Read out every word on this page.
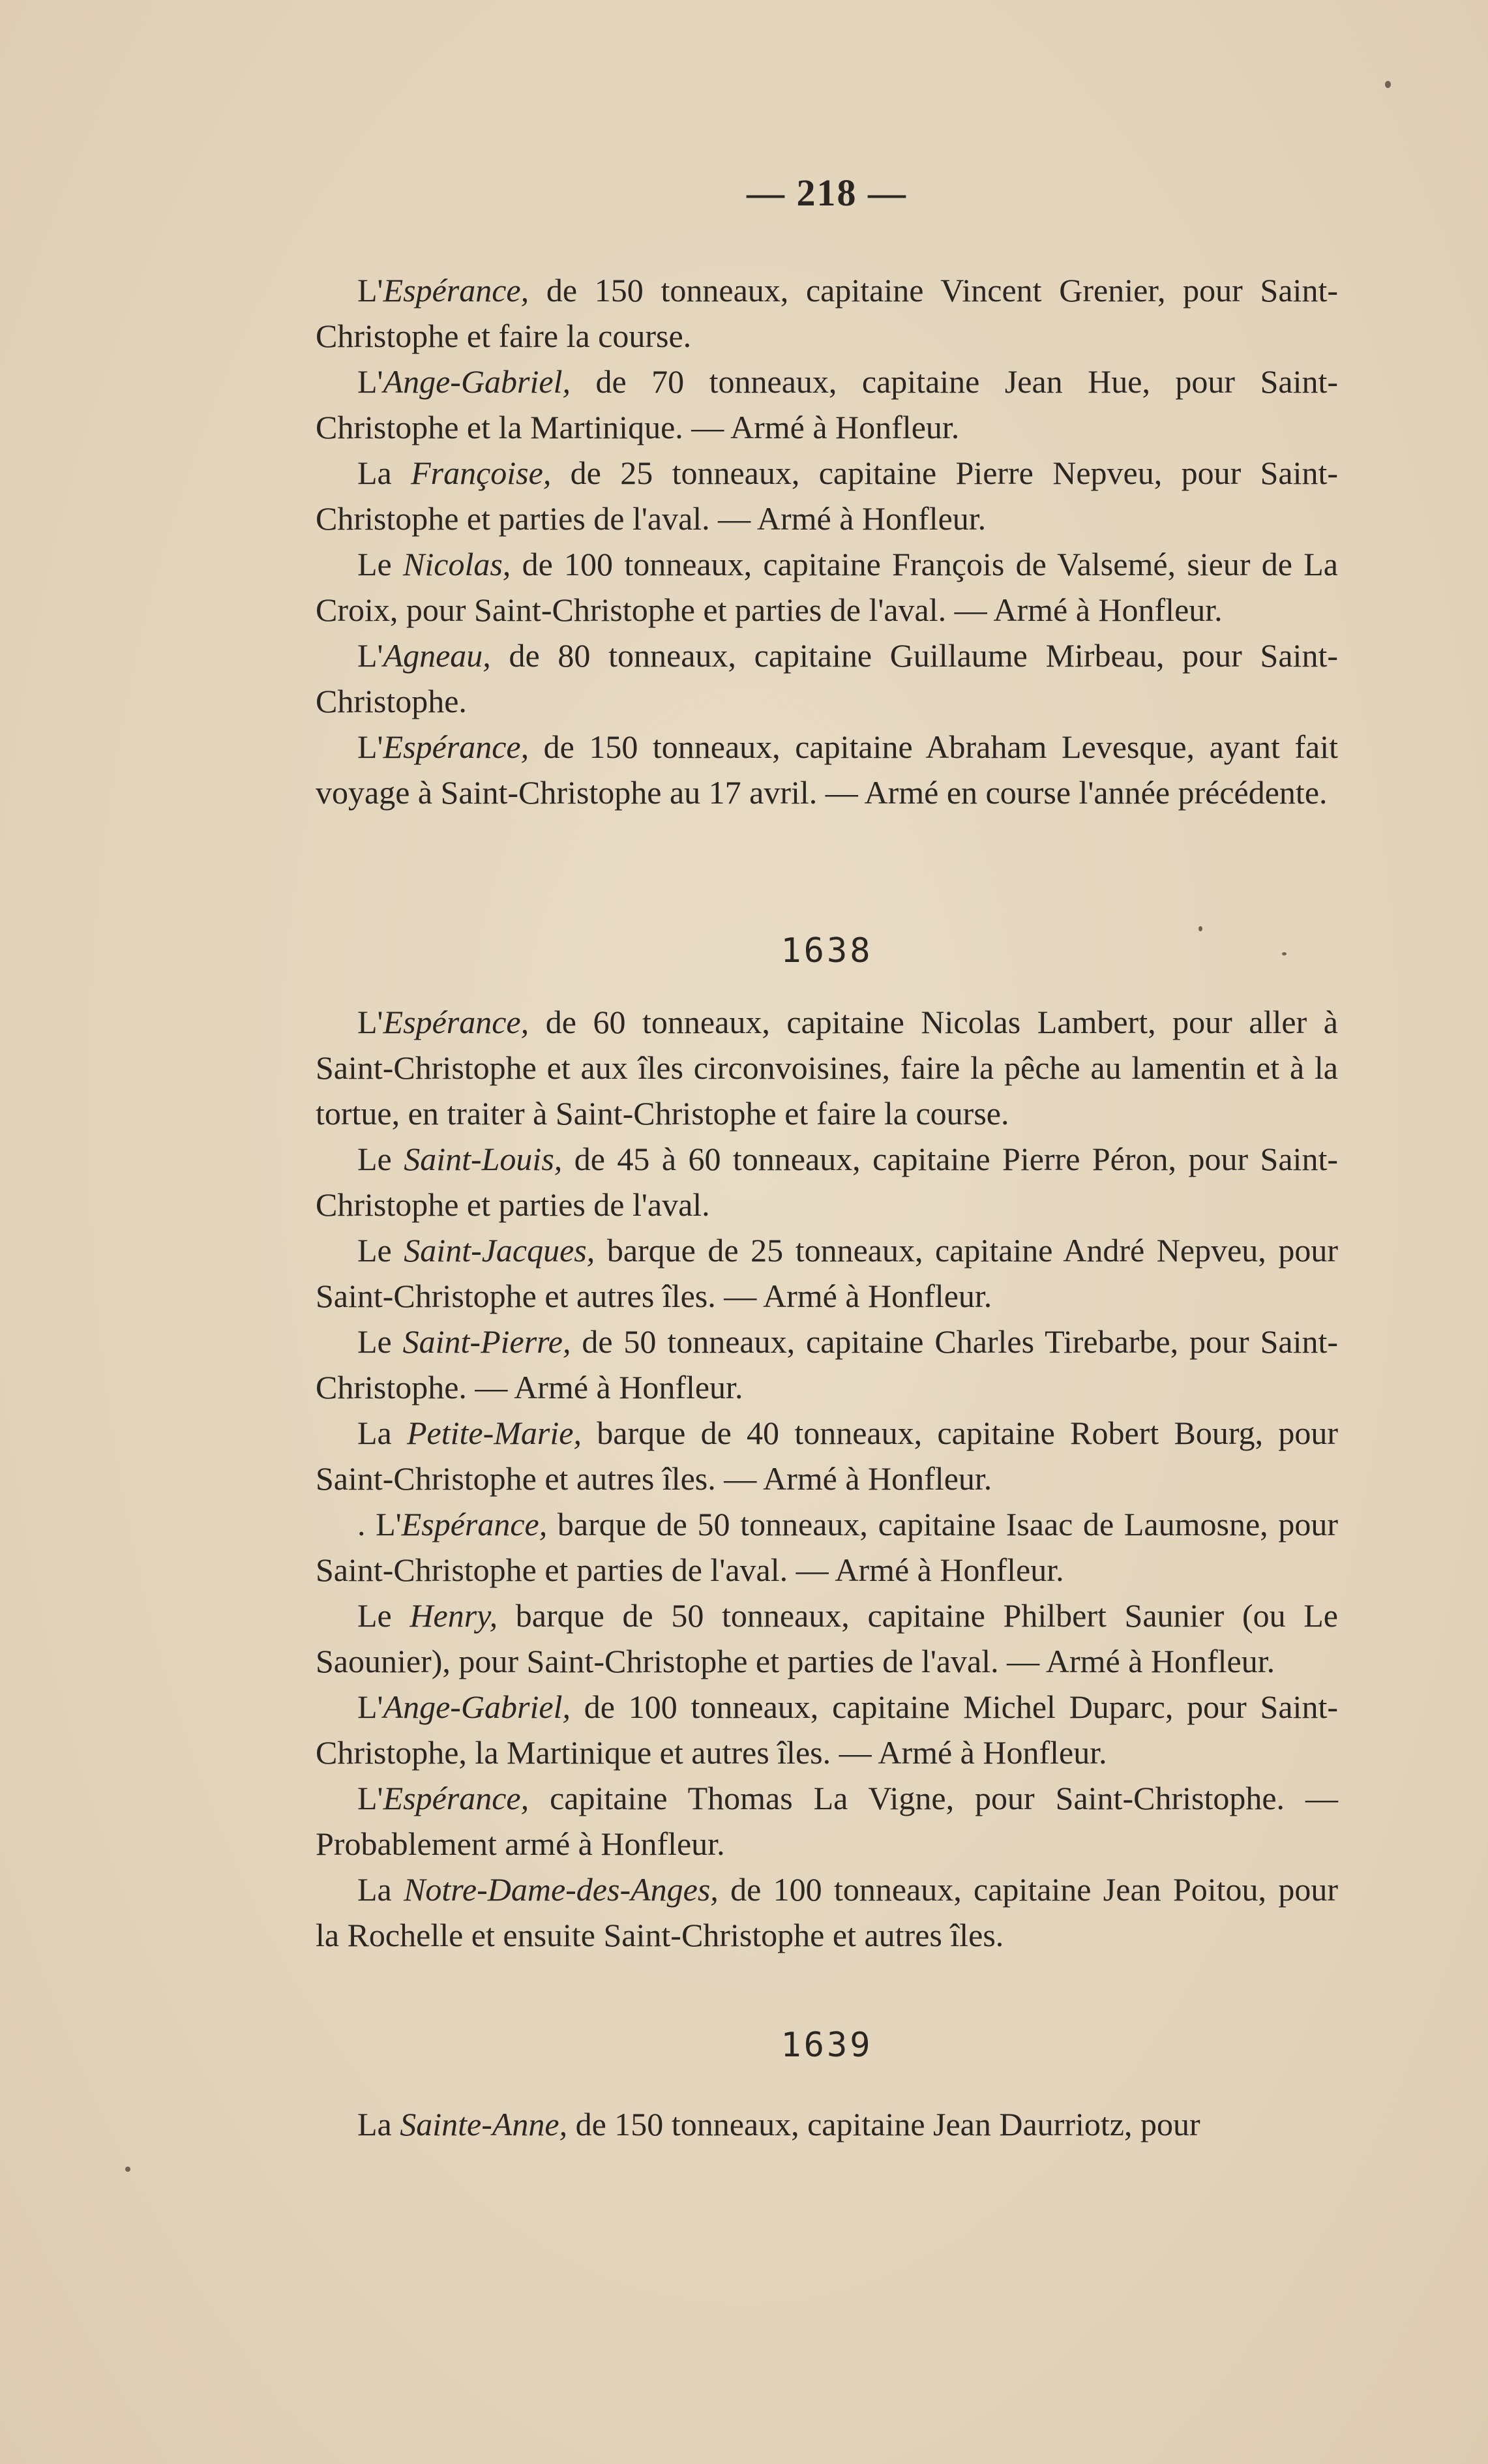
— 218 —

L'Espérance, de 150 tonneaux, capitaine Vincent Grenier, pour Saint-Christophe et faire la course.

L'Ange-Gabriel, de 70 tonneaux, capitaine Jean Hue, pour Saint-Christophe et la Martinique. — Armé à Honfleur.

La Françoise, de 25 tonneaux, capitaine Pierre Nepveu, pour Saint-Christophe et parties de l'aval. — Armé à Honfleur.

Le Nicolas, de 100 tonneaux, capitaine François de Valsemé, sieur de La Croix, pour Saint-Christophe et parties de l'aval. — Armé à Honfleur.

L'Agneau, de 80 tonneaux, capitaine Guillaume Mirbeau, pour Saint-Christophe.

L'Espérance, de 150 tonneaux, capitaine Abraham Levesque, ayant fait voyage à Saint-Christophe au 17 avril. — Armé en course l'année précédente.

1638

L'Espérance, de 60 tonneaux, capitaine Nicolas Lambert, pour aller à Saint-Christophe et aux îles circonvoisines, faire la pêche au lamentin et à la tortue, en traiter à Saint-Christophe et faire la course.

Le Saint-Louis, de 45 à 60 tonneaux, capitaine Pierre Péron, pour Saint-Christophe et parties de l'aval.

Le Saint-Jacques, barque de 25 tonneaux, capitaine André Nepveu, pour Saint-Christophe et autres îles. — Armé à Honfleur.

Le Saint-Pierre, de 50 tonneaux, capitaine Charles Tirebarbe, pour Saint-Christophe. — Armé à Honfleur.

La Petite-Marie, barque de 40 tonneaux, capitaine Robert Bourg, pour Saint-Christophe et autres îles. — Armé à Honfleur.

. L'Espérance, barque de 50 tonneaux, capitaine Isaac de Laumosne, pour Saint-Christophe et parties de l'aval. — Armé à Honfleur.

Le Henry, barque de 50 tonneaux, capitaine Philbert Saunier (ou Le Saounier), pour Saint-Christophe et parties de l'aval. — Armé à Honfleur.

L'Ange-Gabriel, de 100 tonneaux, capitaine Michel Duparc, pour Saint-Christophe, la Martinique et autres îles. — Armé à Honfleur.

L'Espérance, capitaine Thomas La Vigne, pour Saint-Christophe. — Probablement armé à Honfleur.

La Notre-Dame-des-Anges, de 100 tonneaux, capitaine Jean Poitou, pour la Rochelle et ensuite Saint-Christophe et autres îles.

1639

La Sainte-Anne, de 150 tonneaux, capitaine Jean Daurriotz, pour
